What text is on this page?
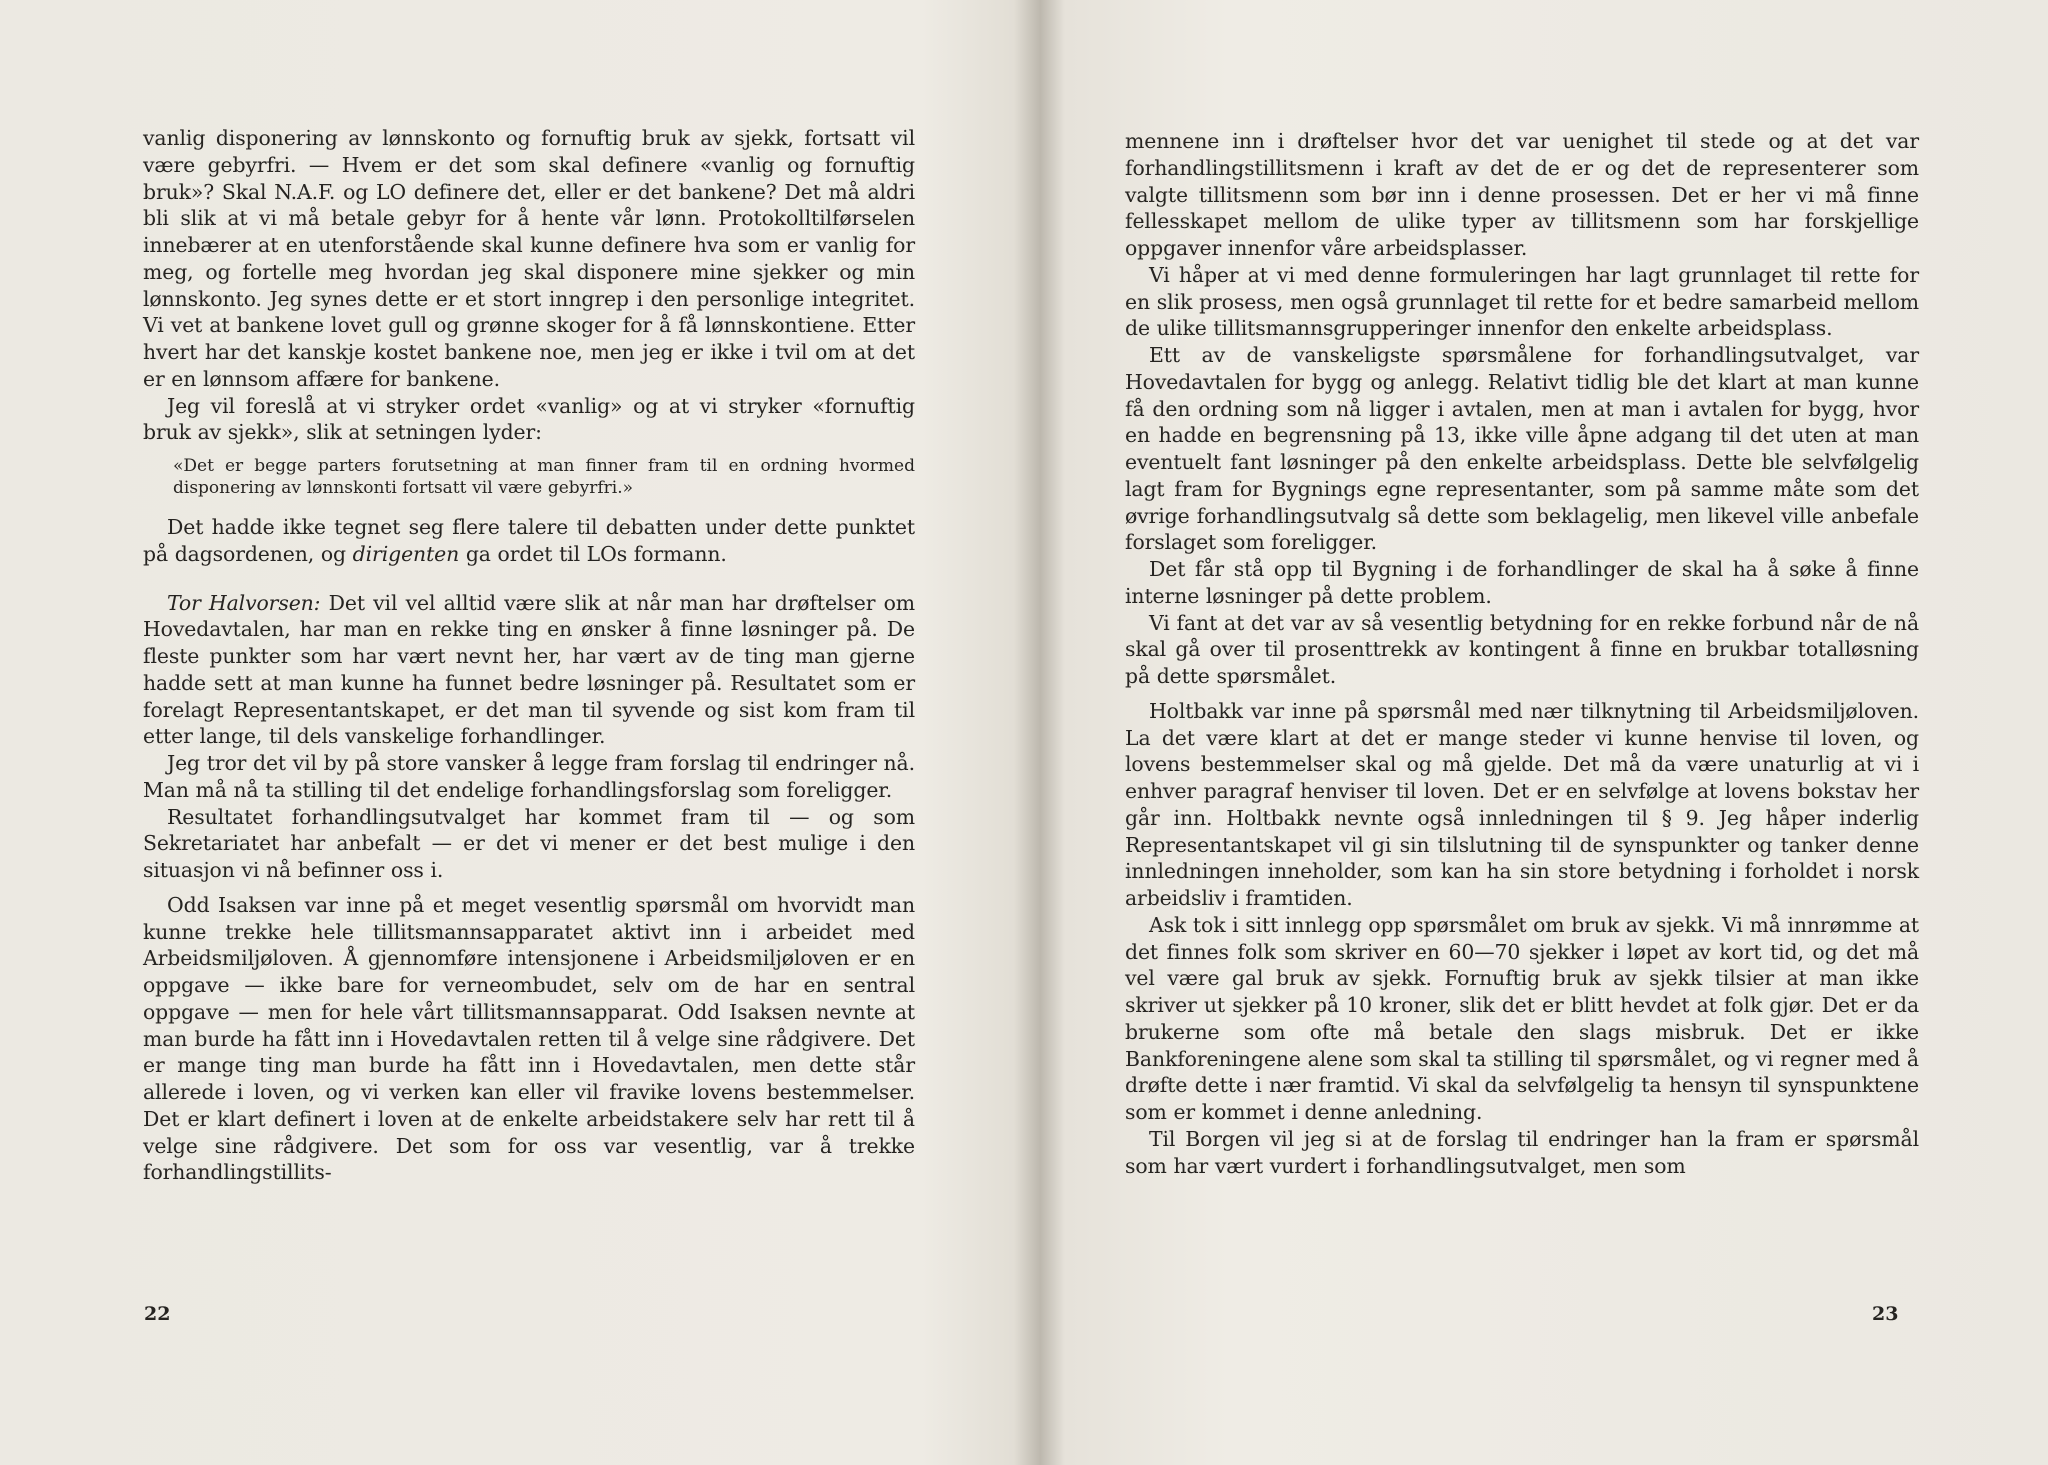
vanlig disponering av lønnskonto og fornuftig bruk av sjekk, fortsatt vil være gebyrfri. — Hvem er det som skal definere «vanlig og fornuftig bruk»? Skal N.A.F. og LO definere det, eller er det bankene? Det må aldri bli slik at vi må betale gebyr for å hente vår lønn. Protokolltilførselen innebærer at en utenforstående skal kunne definere hva som er vanlig for meg, og fortelle meg hvordan jeg skal disponere mine sjekker og min lønnskonto. Jeg synes dette er et stort inngrep i den personlige integritet. Vi vet at bankene lovet gull og grønne skoger for å få lønnskontiene. Etter hvert har det kanskje kostet bankene noe, men jeg er ikke i tvil om at det er en lønnsom affære for bankene.

Jeg vil foreslå at vi stryker ordet «vanlig» og at vi stryker «fornuftig bruk av sjekk», slik at setningen lyder:

«Det er begge parters forutsetning at man finner fram til en ordning hvormed disponering av lønnskonti fortsatt vil være gebyrfri.»

Det hadde ikke tegnet seg flere talere til debatten under dette punktet på dagsordenen, og dirigenten ga ordet til LOs formann.

Tor Halvorsen: Det vil vel alltid være slik at når man har drøftelser om Hovedavtalen, har man en rekke ting en ønsker å finne løsninger på. De fleste punkter som har vært nevnt her, har vært av de ting man gjerne hadde sett at man kunne ha funnet bedre løsninger på. Resultatet som er forelagt Representantskapet, er det man til syvende og sist kom fram til etter lange, til dels vanskelige forhandlinger.

Jeg tror det vil by på store vansker å legge fram forslag til endringer nå. Man må nå ta stilling til det endelige forhandlingsforslag som foreligger.

Resultatet forhandlingsutvalget har kommet fram til — og som Sekretariatet har anbefalt — er det vi mener er det best mulige i den situasjon vi nå befinner oss i.

Odd Isaksen var inne på et meget vesentlig spørsmål om hvorvidt man kunne trekke hele tillitsmannsapparatet aktivt inn i arbeidet med Arbeidsmiljøloven. Å gjennomføre intensjonene i Arbeidsmiljøloven er en oppgave — ikke bare for verneombudet, selv om de har en sentral oppgave — men for hele vårt tillitsmannsapparat. Odd Isaksen nevnte at man burde ha fått inn i Hovedavtalen retten til å velge sine rådgivere. Det er mange ting man burde ha fått inn i Hovedavtalen, men dette står allerede i loven, og vi verken kan eller vil fravike lovens bestemmelser. Det er klart definert i loven at de enkelte arbeidstakere selv har rett til å velge sine rådgivere. Det som for oss var vesentlig, var å trekke forhandlingstillits-

22

mennene inn i drøftelser hvor det var uenighet til stede og at det var forhandlingstillitsmenn i kraft av det de er og det de representerer som valgte tillitsmenn som bør inn i denne prosessen. Det er her vi må finne fellesskapet mellom de ulike typer av tillitsmenn som har forskjellige oppgaver innenfor våre arbeidsplasser.

Vi håper at vi med denne formuleringen har lagt grunnlaget til rette for en slik prosess, men også grunnlaget til rette for et bedre samarbeid mellom de ulike tillitsmannsgrupperinger innenfor den enkelte arbeidsplass.

Ett av de vanskeligste spørsmålene for forhandlingsutvalget, var Hovedavtalen for bygg og anlegg. Relativt tidlig ble det klart at man kunne få den ordning som nå ligger i avtalen, men at man i avtalen for bygg, hvor en hadde en begrensning på 13, ikke ville åpne adgang til det uten at man eventuelt fant løsninger på den enkelte arbeidsplass. Dette ble selvfølgelig lagt fram for Bygnings egne representanter, som på samme måte som det øvrige forhandlingsutvalg så dette som beklagelig, men likevel ville anbefale forslaget som foreligger.

Det får stå opp til Bygning i de forhandlinger de skal ha å søke å finne interne løsninger på dette problem.

Vi fant at det var av så vesentlig betydning for en rekke forbund når de nå skal gå over til prosenttrekk av kontingent å finne en brukbar totalløsning på dette spørsmålet.

Holtbakk var inne på spørsmål med nær tilknytning til Arbeidsmiljøloven. La det være klart at det er mange steder vi kunne henvise til loven, og lovens bestemmelser skal og må gjelde. Det må da være unaturlig at vi i enhver paragraf henviser til loven. Det er en selvfølge at lovens bokstav her går inn. Holtbakk nevnte også innledningen til § 9. Jeg håper inderlig Representantskapet vil gi sin tilslutning til de synspunkter og tanker denne innledningen inneholder, som kan ha sin store betydning i forholdet i norsk arbeidsliv i framtiden.

Ask tok i sitt innlegg opp spørsmålet om bruk av sjekk. Vi må innrømme at det finnes folk som skriver en 60—70 sjekker i løpet av kort tid, og det må vel være gal bruk av sjekk. Fornuftig bruk av sjekk tilsier at man ikke skriver ut sjekker på 10 kroner, slik det er blitt hevdet at folk gjør. Det er da brukerne som ofte må betale den slags misbruk. Det er ikke Bankforeningene alene som skal ta stilling til spørsmålet, og vi regner med å drøfte dette i nær framtid. Vi skal da selvfølgelig ta hensyn til synspunktene som er kommet i denne anledning.

Til Borgen vil jeg si at de forslag til endringer han la fram er spørsmål som har vært vurdert i forhandlingsutvalget, men som

23
